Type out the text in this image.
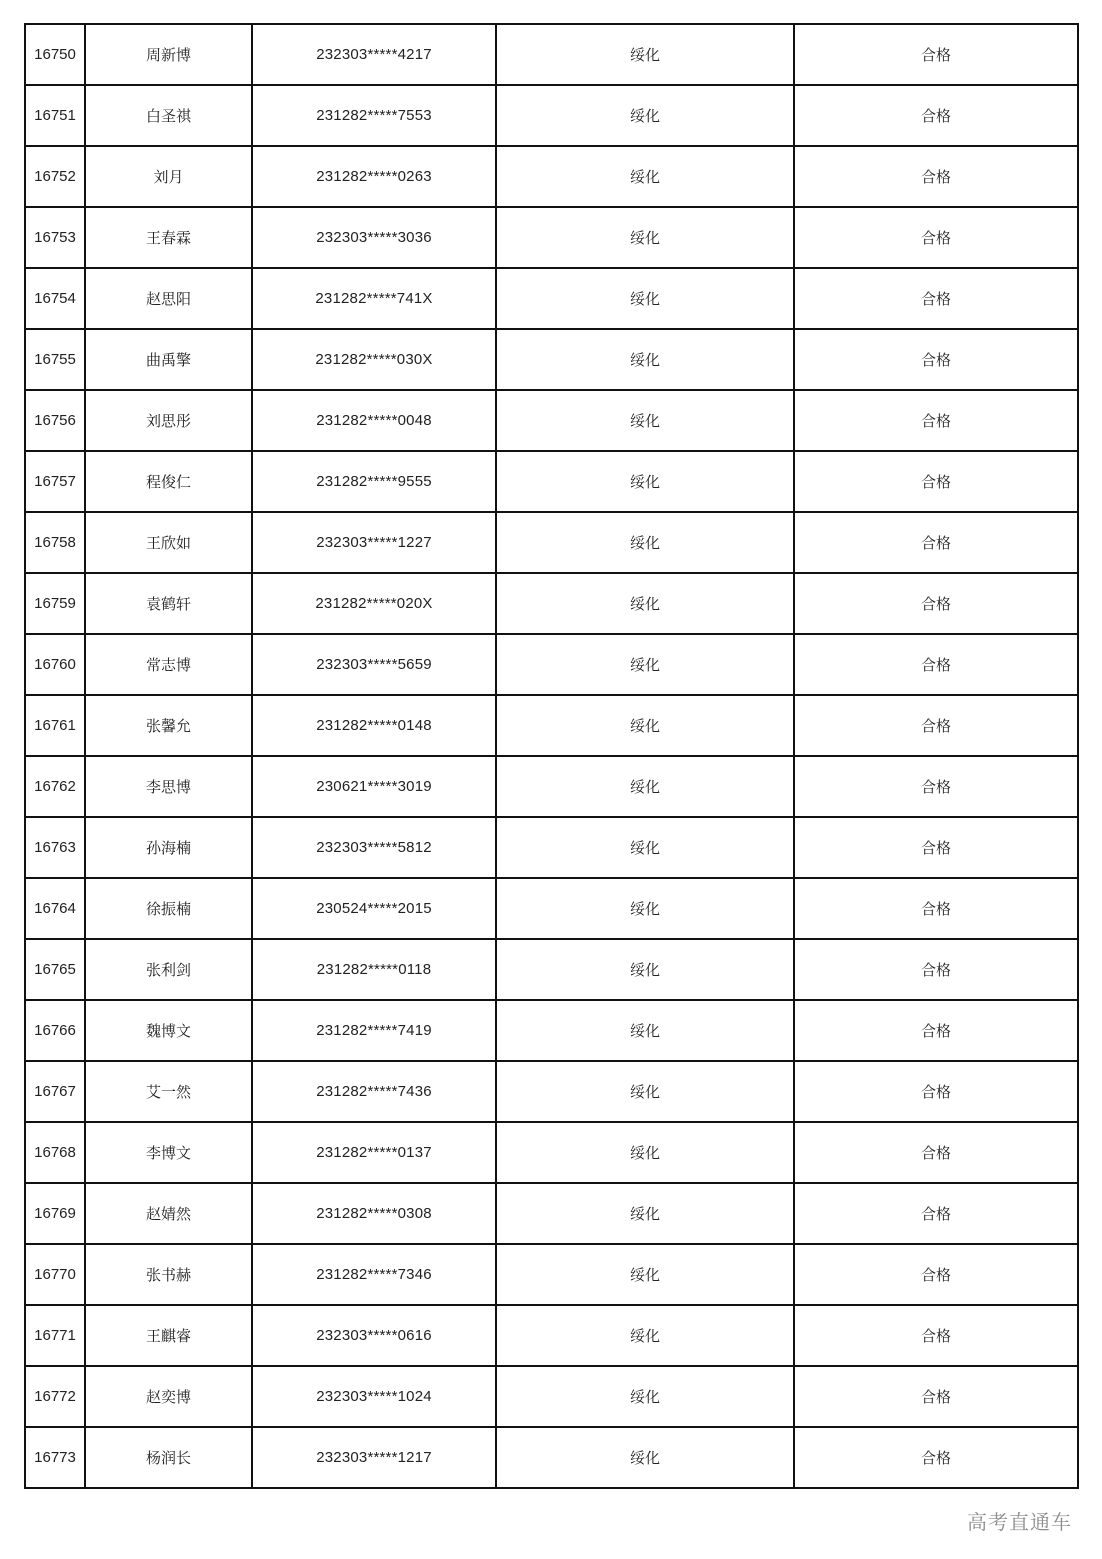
16750	周新博	232303*****4217	绥化	合格
16751	白圣祺	231282*****7553	绥化	合格
16752	刘月	231282*****0263	绥化	合格
16753	王春霖	232303*****3036	绥化	合格
16754	赵思阳	231282*****741X	绥化	合格
16755	曲禹擎	231282*****030X	绥化	合格
16756	刘思彤	231282*****0048	绥化	合格
16757	程俊仁	231282*****9555	绥化	合格
16758	王欣如	232303*****1227	绥化	合格
16759	袁鹤轩	231282*****020X	绥化	合格
16760	常志博	232303*****5659	绥化	合格
16761	张馨允	231282*****0148	绥化	合格
16762	李思博	230621*****3019	绥化	合格
16763	孙海楠	232303*****5812	绥化	合格
16764	徐振楠	230524*****2015	绥化	合格
16765	张利剑	231282*****0118	绥化	合格
16766	魏博文	231282*****7419	绥化	合格
16767	艾一然	231282*****7436	绥化	合格
16768	李博文	231282*****0137	绥化	合格
16769	赵婧然	231282*****0308	绥化	合格
16770	张书赫	231282*****7346	绥化	合格
16771	王麒睿	232303*****0616	绥化	合格
16772	赵奕博	232303*****1024	绥化	合格
16773	杨润长	232303*****1217	绥化	合格
高考直通车
